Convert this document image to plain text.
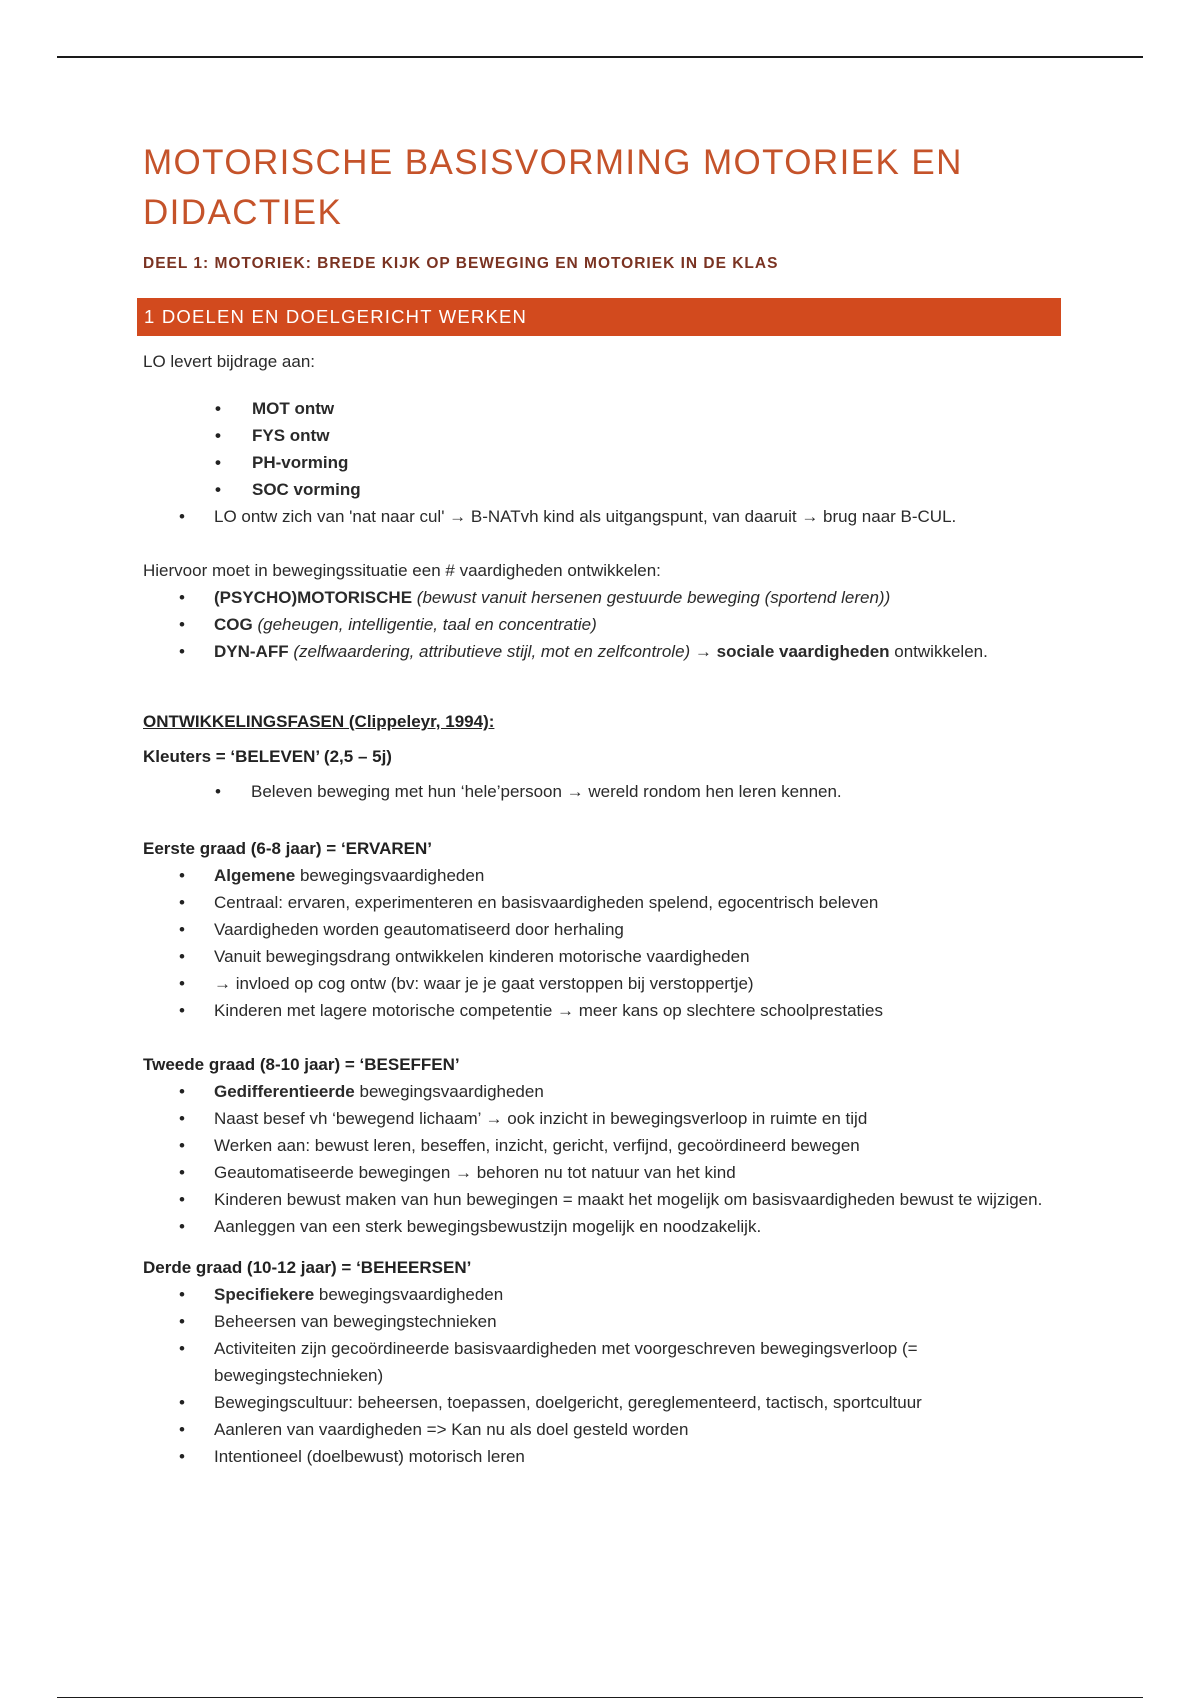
MOTORISCHE BASISVORMING MOTORIEK EN DIDACTIEK
DEEL 1: MOTORIEK: BREDE KIJK OP BEWEGING EN MOTORIEK IN DE KLAS
1 DOELEN EN DOELGERICHT WERKEN
LO levert bijdrage aan:
• MOT ontw
• FYS ontw
• PH-vorming
• SOC vorming
• LO ontw zich van 'nat naar cul' → B-NATvh kind als uitgangspunt, van daaruit → brug naar B-CUL.
Hiervoor moet in bewegingssituatie een # vaardigheden ontwikkelen:
• (PSYCHO)MOTORISCHE (bewust vanuit hersenen gestuurde beweging (sportend leren))
• COG (geheugen, intelligentie, taal en concentratie)
• DYN-AFF (zelfwaardering, attributieve stijl, mot en zelfcontrole) → sociale vaardigheden ontwikkelen.
ONTWIKKELINGSFASEN (Clippeleyr, 1994):
Kleuters = ‘BELEVEN’ (2,5 – 5j)
• Beleven beweging met hun ‘hele’persoon → wereld rondom hen leren kennen.
Eerste graad (6-8 jaar) = ‘ERVAREN’
• Algemene bewegingsvaardigheden
• Centraal: ervaren, experimenteren en basisvaardigheden spelend, egocentrisch beleven
• Vaardigheden worden geautomatiseerd door herhaling
• Vanuit bewegingsdrang ontwikkelen kinderen motorische vaardigheden
• → invloed op cog ontw (bv: waar je je gaat verstoppen bij verstoppertje)
• Kinderen met lagere motorische competentie → meer kans op slechtere schoolprestaties
Tweede graad (8-10 jaar) = ‘BESEFFEN’
• Gedifferentieerde bewegingsvaardigheden
• Naast besef vh ‘bewegend lichaam’ → ook inzicht in bewegingsverloop in ruimte en tijd
• Werken aan: bewust leren, beseffen, inzicht, gericht, verfijnd, gecoördineerd bewegen
• Geautomatiseerde bewegingen → behoren nu tot natuur van het kind
• Kinderen bewust maken van hun bewegingen = maakt het mogelijk om basisvaardigheden bewust te wijzigen.
• Aanleggen van een sterk bewegingsbewustzijn mogelijk en noodzakelijk.
Derde graad (10-12 jaar) = ‘BEHEERSEN’
• Specifiekere bewegingsvaardigheden
• Beheersen van bewegingstechnieken
• Activiteiten zijn gecoördineerde basisvaardigheden met voorgeschreven bewegingsverloop (= bewegingstechnieken)
• Bewegingscultuur: beheersen, toepassen, doelgericht, gereglementeerd, tactisch, sportcultuur
• Aanleren van vaardigheden => Kan nu als doel gesteld worden
• Intentioneel (doelbewust) motorisch leren
